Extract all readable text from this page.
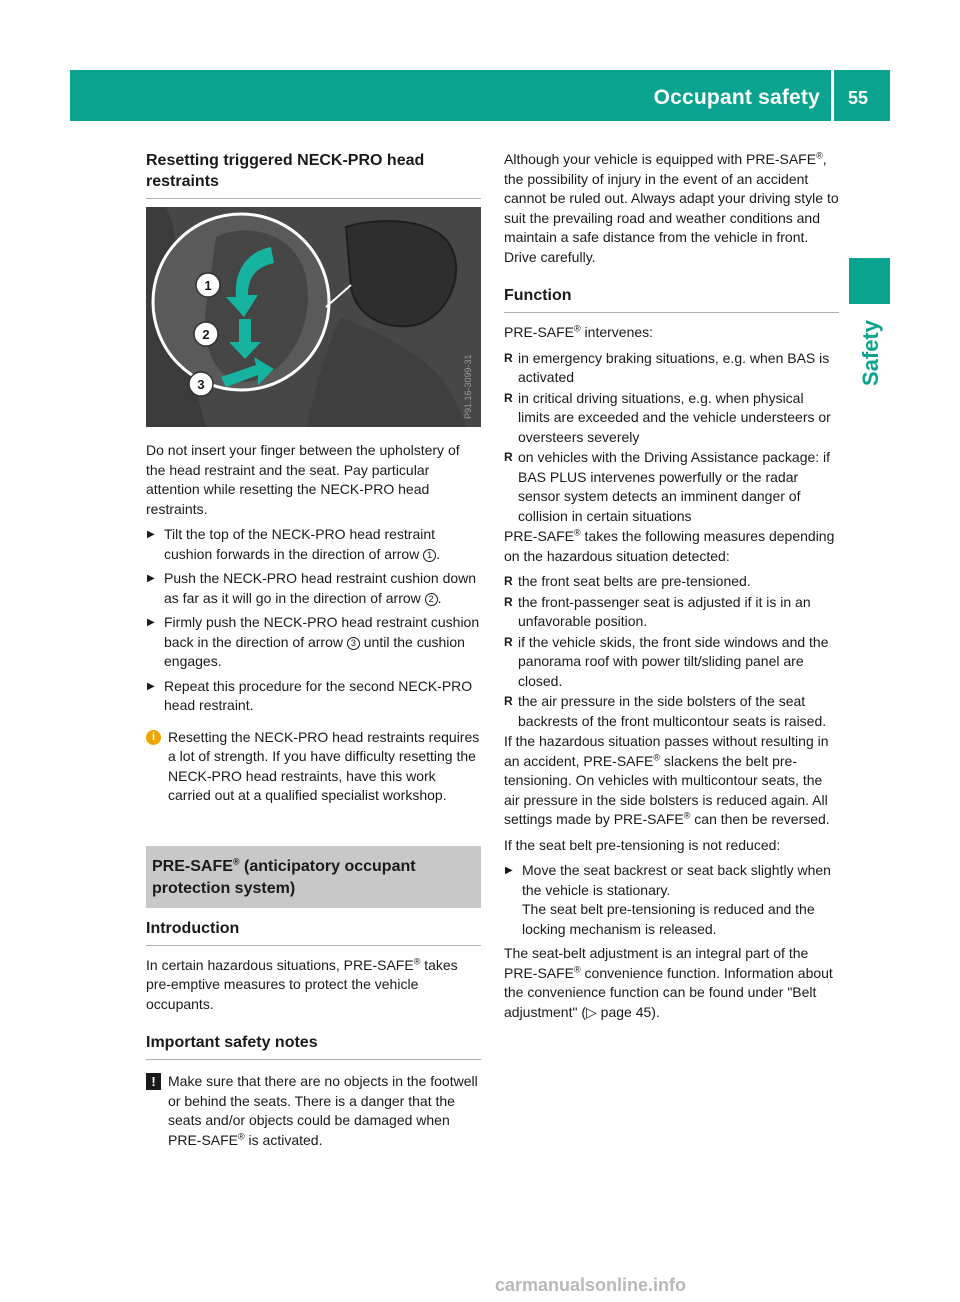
Occupant safety 55
Safety
Resetting triggered NECK-PRO head restraints
1
2
3	P91.16-3099-31

Do not insert your finger between the upholstery of the head restraint and the seat. Pay particular attention while resetting the NECK-PRO head restraints.

▶ Tilt the top of the NECK-PRO head restraint cushion forwards in the direction of arrow 1 .
▶ Push the NECK-PRO head restraint cushion down as far as it will go in the direction of arrow 2 .
▶ Firmly push the NECK-PRO head restraint cushion back in the direction of arrow 3 until the cushion engages.
▶ Repeat this procedure for the second NECK-PRO head restraint.
i Resetting the NECK-PRO head restraints requires a lot of strength. If you have difficulty resetting the NECK-PRO head restraints, have this work carried out at a qualified specialist workshop.
PRE-SAFE® (anticipatory occupant protection system)
Introduction

In certain hazardous situations, PRE-SAFE® takes pre-emptive measures to protect the vehicle occupants.

Important safety notes
! Make sure that there are no objects in the footwell or behind the seats. There is a danger that the seats and/or objects could be damaged when PRE-SAFE® is activated.

Although your vehicle is equipped with PRE-SAFE®, the possibility of injury in the event of an accident cannot be ruled out. Always adapt your driving style to suit the prevailing road and weather conditions and maintain a safe distance from the vehicle in front. Drive carefully.

Function

PRE-SAFE® intervenes:

R in emergency braking situations, e.g. when BAS is activated
R in critical driving situations, e.g. when physical limits are exceeded and the vehicle understeers or oversteers severely
R on vehicles with the Driving Assistance package: if BAS PLUS intervenes powerfully or the radar sensor system detects an imminent danger of collision in certain situations

PRE-SAFE® takes the following measures depending on the hazardous situation detected:

R the front seat belts are pre-tensioned.
R the front-passenger seat is adjusted if it is in an unfavorable position.
R if the vehicle skids, the front side windows and the panorama roof with power tilt/sliding panel are closed.
R the air pressure in the side bolsters of the seat backrests of the front multicontour seats is raised.

If the hazardous situation passes without resulting in an accident, PRE-SAFE® slackens the belt pre-tensioning. On vehicles with multicontour seats, the air pressure in the side bolsters is reduced again. All settings made by PRE-SAFE® can then be reversed.

If the seat belt pre-tensioning is not reduced:

▶ Move the seat backrest or seat back slightly when the vehicle is stationary.
The seat belt pre-tensioning is reduced and the locking mechanism is released.

The seat-belt adjustment is an integral part of the PRE-SAFE® convenience function. Information about the convenience function can be found under "Belt adjustment" (▷ page 45).

carmanualsonline.info
